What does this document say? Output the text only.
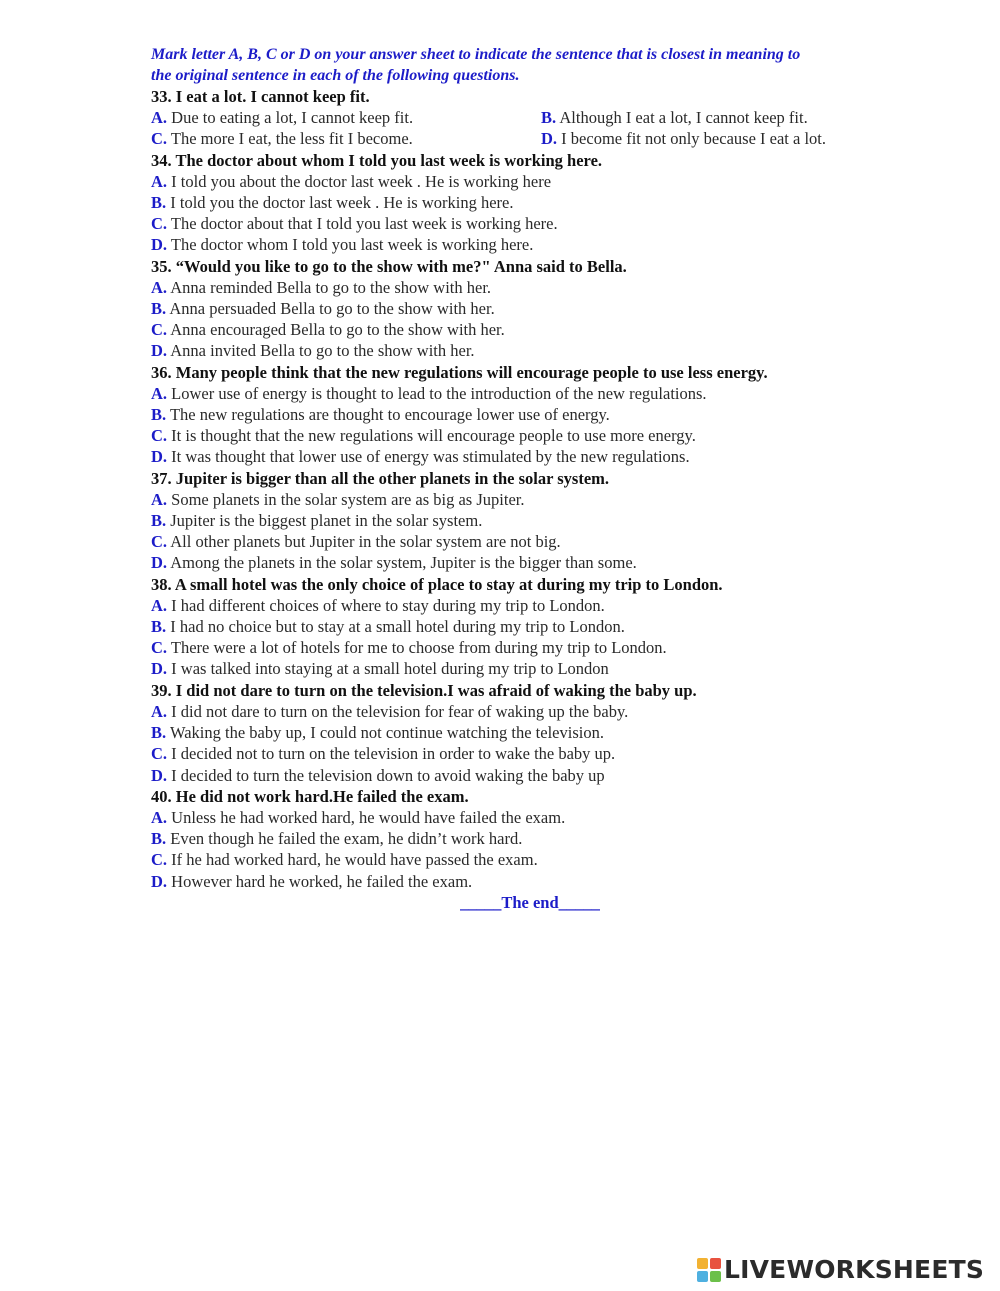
Mark letter A, B, C or D on your answer sheet to indicate the sentence that is closest in meaning to
the original sentence in each of the following questions.

33. I eat a lot. I cannot keep fit.
A. Due to eating a lot, I cannot keep fit.	B. Although I eat a lot, I cannot keep fit.
C. The more I eat, the less fit I become.	D. I become fit not only because I eat a lot.
34. The doctor about whom I told you last week is working here.
A. I told you about the doctor last week . He is working here
B. I told you the doctor last week . He is working here.
C. The doctor about that I told you last week is working here.
D. The doctor whom I told you last week is working here.
35. “Would you like to go to the show with me?" Anna said to Bella.
A. Anna reminded Bella to go to the show with her.
B. Anna persuaded Bella to go to the show with her.
C. Anna encouraged Bella to go to the show with her.
D. Anna invited Bella to go to the show with her.
36. Many people think that the new regulations will encourage people to use less energy.
A. Lower use of energy is thought to lead to the introduction of the new regulations.
B. The new regulations are thought to encourage lower use of energy.
C. It is thought that the new regulations will encourage people to use more energy.
D. It was thought that lower use of energy was stimulated by the new regulations.
37. Jupiter is bigger than all the other planets in the solar system.
A. Some planets in the solar system are as big as Jupiter.
B. Jupiter is the biggest planet in the solar system.
C. All other planets but Jupiter in the solar system are not big.
D. Among the planets in the solar system, Jupiter is the bigger than some.
38. A small hotel was the only choice of place to stay at during my trip to London.
A. I had different choices of where to stay during my trip to London.
B. I had no choice but to stay at a small hotel during my trip to London.
C. There were a lot of hotels for me to choose from during my trip to London.
D. I was talked into staying at a small hotel during my trip to London
39. I did not dare to turn on the television.I was afraid of waking the baby up.
A. I did not dare to turn on the television for fear of waking up the baby.
B. Waking the baby up, I could not continue watching the television.
C. I decided not to turn on the television in order to wake the baby up.
D. I decided to turn the television down to avoid waking the baby up
40. He did not work hard.He failed the exam.
A. Unless he had worked hard, he would have failed the exam.
B. Even though he failed the exam, he didn’t work hard.
C. If he had worked hard, he would have passed the exam.
D. However hard he worked, he failed the exam.
_____The end_____
LIVEWORKSHEETS
